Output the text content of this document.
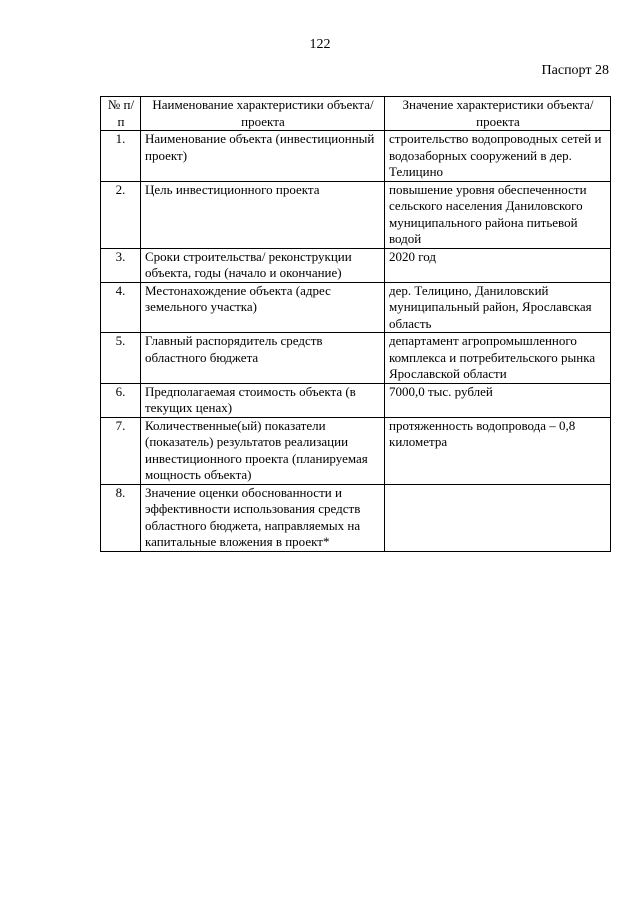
122
Паспорт 28
№ п/п	Наименование характеристики объекта/проекта	Значение характеристики объекта/проекта
1.	Наименование объекта (инвестиционный проект)	строительство водопроводных сетей и водозаборных сооружений в дер. Телицино
2.	Цель инвестиционного проекта	повышение уровня обеспеченности сельского населения Даниловского муниципального района питьевой водой
3.	Сроки строительства/ реконструкции объекта, годы (начало и окончание)	2020 год
4.	Местонахождение объекта (адрес земельного участка)	дер. Телицино, Даниловский муниципальный район, Ярославская область
5.	Главный распорядитель средств областного бюджета	департамент агропромышленного комплекса и потребительского рынка Ярославской области
6.	Предполагаемая стоимость объекта (в текущих ценах)	7000,0 тыс. рублей
7.	Количественные(ый) показатели (показатель) результатов реализации инвестиционного проекта (планируемая мощность объекта)	протяженность водопровода – 0,8 километра
8.	Значение оценки обоснованности и эффективности использования средств областного бюджета, направляемых на капитальные вложения в проект*	
